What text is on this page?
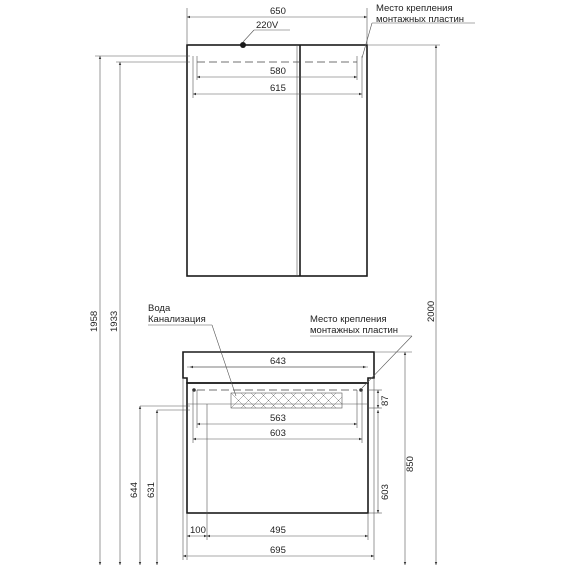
650
220V
580
615
Место крепления
монтажных пластин
643
Вода
Канализация	Место крепления
монтажных пластин
563
603
87
603
850
644 631
100	495
695
1958 1933	2000
